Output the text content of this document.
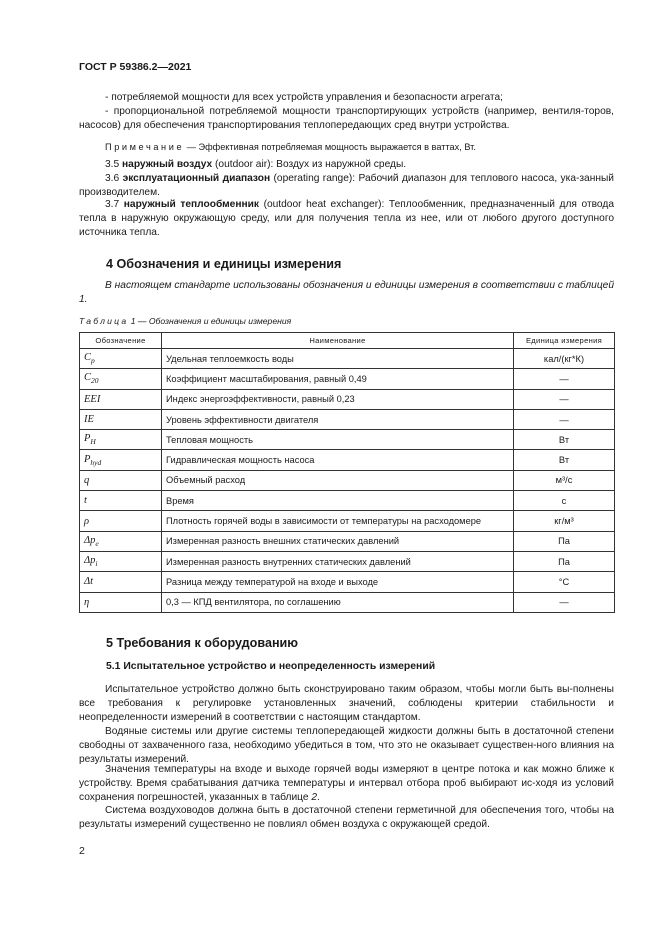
ГОСТ Р 59386.2—2021
- потребляемой мощности для всех устройств управления и безопасности агрегата;
- пропорциональной потребляемой мощности транспортирующих устройств (например, вентиля-торов, насосов) для обеспечения транспортирования теплопередающих сред внутри устройства.
Примечание — Эффективная потребляемая мощность выражается в ваттах, Вт.
3.5 наружный воздух (outdoor air): Воздух из наружной среды.
3.6 эксплуатационный диапазон (operating range): Рабочий диапазон для теплового насоса, ука-занный производителем.
3.7 наружный теплообменник (outdoor heat exchanger): Теплообменник, предназначенный для отвода тепла в наружную окружающую среду, или для получения тепла из нее, или от любого другого доступного источника тепла.
4 Обозначения и единицы измерения
В настоящем стандарте использованы обозначения и единицы измерения в соответствии с таблицей 1.
Таблица 1 — Обозначения и единицы измерения
Обозначение	Наименование	Единица измерения
$C_p$	Удельная теплоемкость воды	кал/(кг*К)
$C_{20}$	Коэффициент масштабирования, равный 0,49	—
EEI	Индекс энергоэффективности, равный 0,23	—
IE	Уровень эффективности двигателя	—
$P_H$	Тепловая мощность	Вт
$P_{hyd}$	Гидравлическая мощность насоса	Вт
q	Объемный расход	м³/с
t	Время	с
ρ	Плотность горячей воды в зависимости от температуры на расходомере	кг/м³
$\Delta p_e$	Измеренная разность внешних статических давлений	Па
$\Delta p_i$	Измеренная разность внутренних статических давлений	Па
Δt	Разница между температурой на входе и выходе	°С
η	0,3 — КПД вентилятора, по соглашению	—
5 Требования к оборудованию
5.1 Испытательное устройство и неопределенность измерений
Испытательное устройство должно быть сконструировано таким образом, чтобы могли быть вы-полнены все требования к регулировке установленных значений, соблюдены критерии стабильности и неопределенности измерений в соответствии с настоящим стандартом.
Водяные системы или другие системы теплопередающей жидкости должны быть в достаточной степени свободны от захваченного газа, необходимо убедиться в том, что это не оказывает существен-ного влияния на результаты измерений.
Значения температуры на входе и выходе горячей воды измеряют в центре потока и как можно ближе к устройству. Время срабатывания датчика температуры и интервал отбора проб выбирают ис-ходя из условий сохранения погрешностей, указанных в таблице 2.
Система воздуховодов должна быть в достаточной степени герметичной для обеспечения того, чтобы на результаты измерений существенно не повлиял обмен воздуха с окружающей средой.
2
